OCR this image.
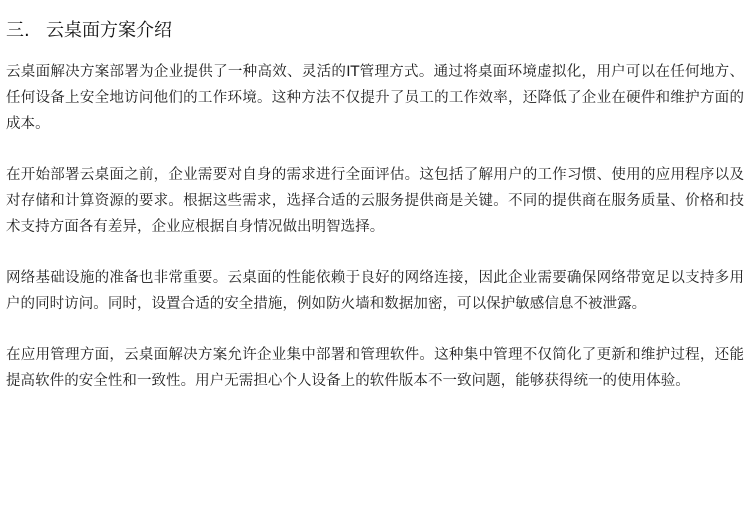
三. 云桌面方案介绍

云桌面解决方案部署为企业提供了一种高效、灵活的IT管理方式。通过将桌面环境虚拟化，用户可以在任何地方、任何设备上安全地访问他们的工作环境。这种方法不仅提升了员工的工作效率，还降低了企业在硬件和维护方面的成本。

在开始部署云桌面之前，企业需要对自身的需求进行全面评估。这包括了解用户的工作习惯、使用的应用程序以及对存储和计算资源的要求。根据这些需求，选择合适的云服务提供商是关键。不同的提供商在服务质量、价格和技术支持方面各有差异，企业应根据自身情况做出明智选择。

网络基础设施的准备也非常重要。云桌面的性能依赖于良好的网络连接，因此企业需要确保网络带宽足以支持多用户的同时访问。同时，设置合适的安全措施，例如防火墙和数据加密，可以保护敏感信息不被泄露。

在应用管理方面，云桌面解决方案允许企业集中部署和管理软件。这种集中管理不仅简化了更新和维护过程，还能提高软件的安全性和一致性。用户无需担心个人设备上的软件版本不一致问题，能够获得统一的使用体验。
